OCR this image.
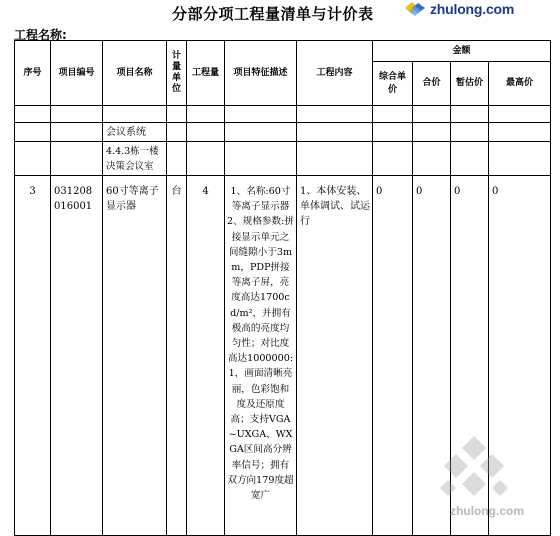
分部分项工程量清单与计价表	zhulong.com
工程名称:
序号	项目编号	项目名称	计量单位	工程量	项目特征描述	工程内容	金额			

							综合单价	合价	暂估价	最高价

		会议系统								
		4.4.3栋一楼决策会议室								
3	031208016001	60寸等离子显示器	台	4	1、名称:60寸等离子显示器 2、规格参数:拼接显示单元之间缝隙小于3mm，PDP拼接等离子屏，亮度高达1700cd/m²，并拥有极高的亮度均匀性；对比度高达1000000:1，画面清晰亮丽，色彩饱和度及还原度高；支持VGA~UXGA、WXGA区间高分辨率信号；拥有双方向179度超宽广	1、本体安装、单体调试、试运行	0	0	0	0
zhulong.com
